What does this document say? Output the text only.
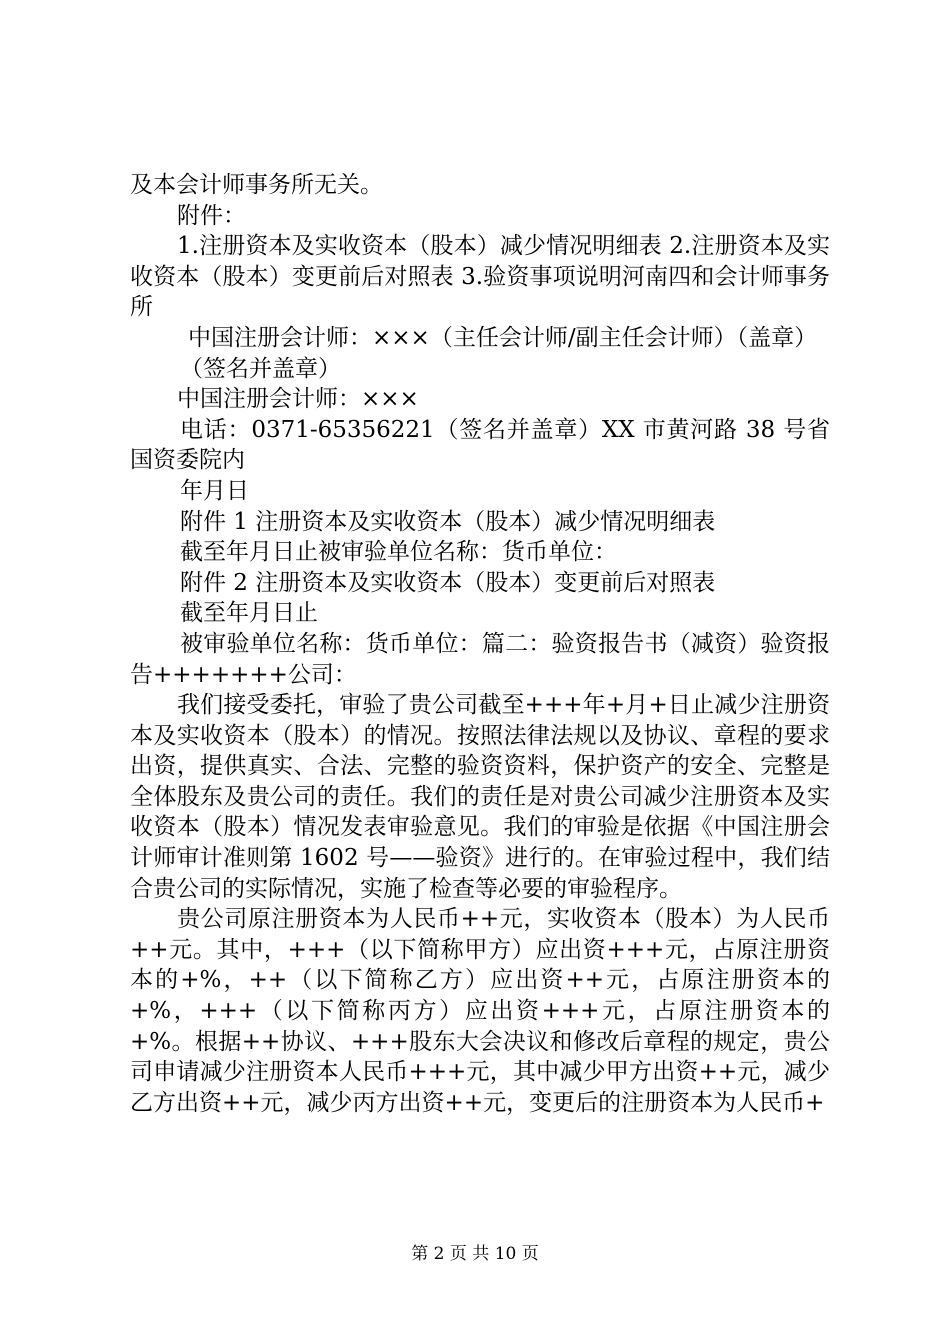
及本会计师事务所无关。

附件：

1.注册资本及实收资本（股本）减少情况明细表 2.注册资本及实收资本（股本）变更前后对照表 3.验资事项说明河南四和会计师事务所

中国注册会计师：×××（主任会计师/副主任会计师）（盖章）

（签名并盖章）

中国注册会计师：×××

电话：0371-65356221（签名并盖章）XX 市黄河路 38 号省国资委院内

年月日

附件 1 注册资本及实收资本（股本）减少情况明细表

截至年月日止被审验单位名称：货币单位：

附件 2 注册资本及实收资本（股本）变更前后对照表

截至年月日止

被审验单位名称：货币单位：篇二：验资报告书（减资）验资报告+++++++公司：

我们接受委托，审验了贵公司截至+++年+月+日止减少注册资本及实收资本（股本）的情况。按照法律法规以及协议、章程的要求出资，提供真实、合法、完整的验资资料，保护资产的安全、完整是全体股东及贵公司的责任。我们的责任是对贵公司减少注册资本及实收资本（股本）情况发表审验意见。我们的审验是依据《中国注册会计师审计准则第 1602 号——验资》进行的。在审验过程中，我们结合贵公司的实际情况，实施了检查等必要的审验程序。

贵公司原注册资本为人民币++元，实收资本（股本）为人民币++元。其中，+++（以下简称甲方）应出资+++元，占原注册资本的+%，++（以下简称乙方）应出资++元，占原注册资本的+%，+++（以下简称丙方）应出资+++元，占原注册资本的+%。根据++协议、+++股东大会决议和修改后章程的规定，贵公司申请减少注册资本人民币+++元，其中减少甲方出资++元，减少乙方出资++元，减少丙方出资++元，变更后的注册资本为人民币+

第 2 页 共 10 页
